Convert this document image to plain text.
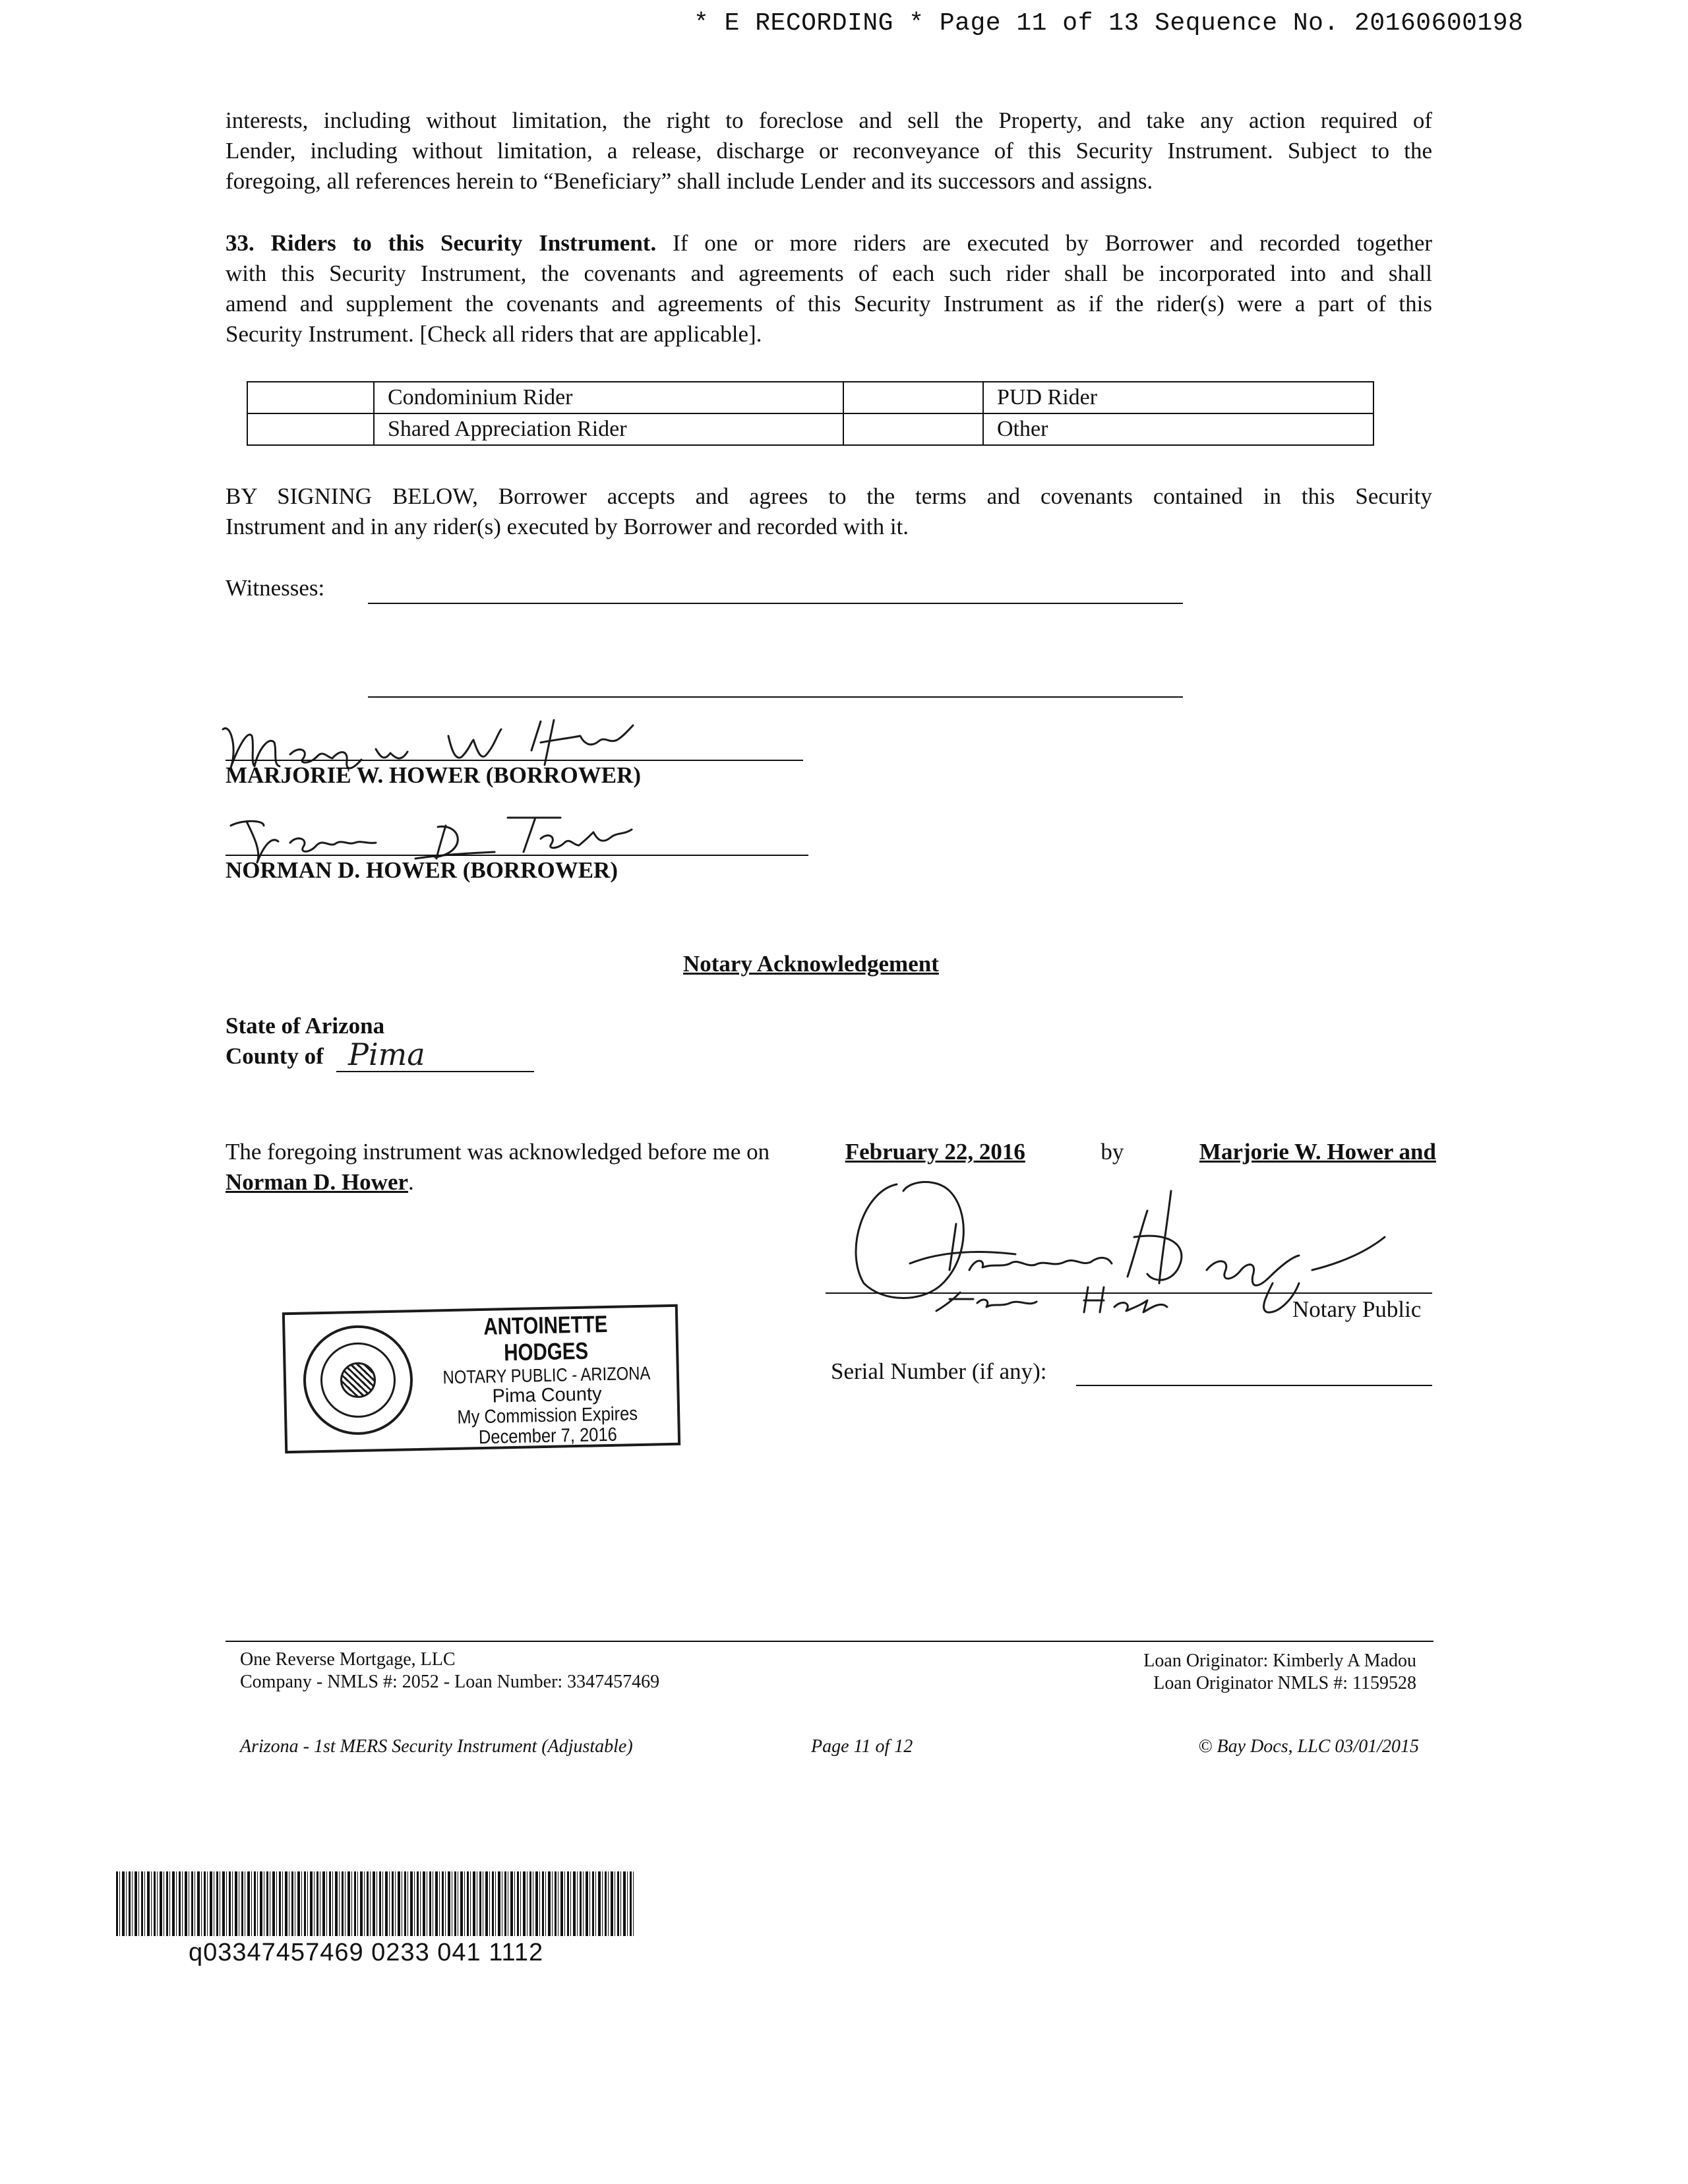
* E RECORDING * Page 11 of 13 Sequence No. 20160600198
interests, including without limitation, the right to foreclose and sell the Property, and take any action required of
Lender, including without limitation, a release, discharge or reconveyance of this Security Instrument. Subject to the
foregoing, all references herein to “Beneficiary” shall include Lender and its successors and assigns.
33. Riders to this Security Instrument. If one or more riders are executed by Borrower and recorded together
with this Security Instrument, the covenants and agreements of each such rider shall be incorporated into and shall
amend and supplement the covenants and agreements of this Security Instrument as if the rider(s) were a part of this
Security Instrument. [Check all riders that are applicable].
	Condominium Rider		PUD Rider
	Shared Appreciation Rider		Other
BY SIGNING BELOW, Borrower accepts and agrees to the terms and covenants contained in this Security
Instrument and in any rider(s) executed by Borrower and recorded with it.
Witnesses:
MARJORIE W. HOWER (BORROWER)
NORMAN D. HOWER (BORROWER)
Notary Acknowledgement
State of Arizona
County of Pima
The foregoing instrument was acknowledged before me on	February 22, 2016	by	Marjorie W. Hower and
Norman D. Hower.
Notary Public
Serial Number (if any):
ANTOINETTE HODGES
NOTARY PUBLIC - ARIZONA
Pima County
My Commission Expires
December 7, 2016
One Reverse Mortgage, LLC
Company - NMLS #: 2052 - Loan Number: 3347457469
Loan Originator: Kimberly A Madou
Loan Originator NMLS #: 1159528
Arizona - 1st MERS Security Instrument (Adjustable)	Page 11 of 12	© Bay Docs, LLC 03/01/2015
q03347457469 0233 041 1112
